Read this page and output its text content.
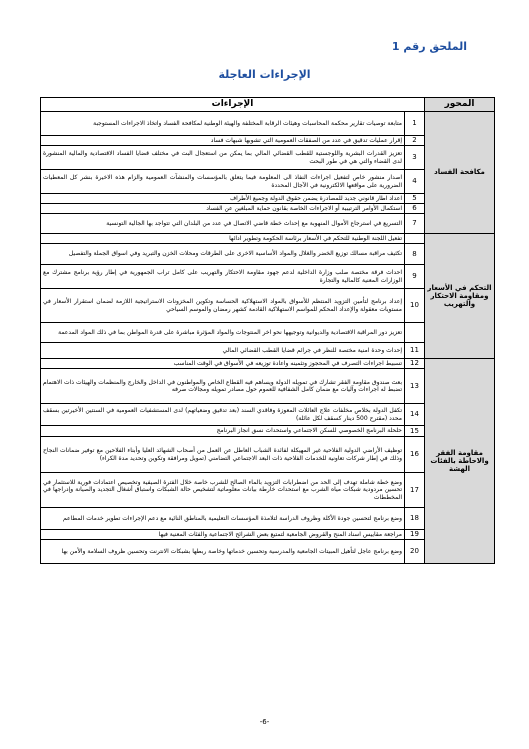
الملحق رقم 1
الإجراءات العاجلة
المحور	الإجراءات	
مكافحة الفساد	1	متابعة توصيات تقارير محكمة المحاسبات وهيئات الرقابة المختلفة والهيئة الوطنية لمكافحة الفساد واتخاذ الاجراءات المستوجبة
	2	إقرار عمليات تدقيق في عدد من الصفقات العمومية التي تشوبها شبهات فساد
	3	تعزيز القدرات البشرية واللوجستية للقطب القضائي المالي بما يمكن من استعجال البت في مختلف قضايا الفساد الاقتصادية والمالية المنشورة لدى القضاء والتي هي في طور البحث
	4	اصدار منشور خاص لتفعيل اجراءات النفاذ الى المعلومة فيما يتعلق بالمؤسسات والمنشآت العمومية والزام هذه الاخيرة بنشر كل المعطيات الضرورية على مواقعها الالكترونية في الآجال المحددة
	5	اعداد اطار قانوني جديد للمصادرة يضمن حقوق الدولة وجميع الأطراف
	6	استكمال الأوامر الترتيبية أو الاجراءات الخاصة بقانون حماية المبلغين عن الفساد
	7	التسريع في استرجاع الأموال المنهوبة مع إحداث خطة قاضي الاتصال في عدد من البلدان التي تتواجد بها الجالية التونسية
التحكم في الأسعار ومقاومة الاحتكار والتهريب		تفعيل اللجنة الوطنية للتحكم في الأسعار برئاسة الحكومة وتطوير ادائها
	8	تكثيف مراقبة مسالك توزيع الخضر والغلال والمواد الأساسية الاخرى على الطرقات ومحلات الخزن والتبريد وفي اسواق الجملة والتفصيل
	9	احداث فرقة مختصة صلب وزارة الداخلية لدعم جهود مقاومة الاحتكار والتهريب على كامل تراب الجمهورية في إطار رؤية برنامج مشترك مع الوزارات المعنية كالمالية والتجارة
	10	إعداد برنامج لتأمين التزويد المنتظم للأسواق بالمواد الاستهلاكية الحساسة وتكوين المخزونات الاستراتيجية اللازمة لضمان استقرار الأسعار في مستويات معقولة والإعداد المحكم للمواسم الاستهلاكية القادمة كشهر رمضان والموسم السياحي
		تعزيز دور المراقبة الاقتصادية والديوانية وتوجيهها نحو اخر المنتوجات والمواد المؤثرة مباشرة على قدرة المواطن بما في ذلك المواد المدعمة
	11	إحداث وحدة امنية مختصة للنظر في جرائم قضايا القطب القضائي المالي
مقاومة الفقر والاحاطة بالفئات الهشة	12	تسبيط اجراءات التصرف في المحجوز وتثمينه واعادة توزيعه في الأسواق في الوقت المناسب
	13	بعث صندوق مقاومة الفقر تشارك في تمويله الدولة ويساهم فيه القطاع الخاص والمواطنون في الداخل والخارج والمنظمات والهيئات ذات الاهتمام تضبط له اجراءات وآليات مع ضمان كامل الشفافية للعموم حول مصادر تمويله ومجالات صرفه
	14	تكفل الدولة بخلاص مخلفات علاج العائلات المعوزة وفاقدي السند (بعد تدقيق وضعياتهم) لدى المستشفيات العمومية في السنتين الأخيرتين بسقف محدد (مقترح 500 دينار كسقف لكل عائلة)
	15	حلحلة البرنامج الخصوصي للسكن الاجتماعي واستحداث نسق انجاز البرنامج
	16	توظيف الأراضي الدولية الفلاحية غير المهيكلة لفائدة الشباب العاطل عن العمل من أصحاب الشهائد العليا وأبناء الفلاحين مع توفير ضمانات النجاح وذلك في إطار شركات تعاونية للخدمات الفلاحية ذات البعد الاجتماعي التضامني (تمويل ومرافقة وتكوين وتحديد مدة الكراء)
	17	وضع خطة شاملة تهدف إلى الحد من اضطرابات التزويد بالماء الصالح للشرب خاصة خلال الفترة الصيفية وتخصيص اعتمادات فورية للاستثمار في تحسين مردودية شبكات مياه الشرب مع استحداث خارطة بيانات معلوماتية لتشخيص حالة الشبكات واستباق أشغال التجديد والصيانة وإدراجها في المخططات
	18	وضع برنامج لتحسين جودة الأكلة وظروف الدراسة لتلامذة المؤسسات التعليمية بالمناطق النائية مع دعم الإجراءات تطوير خدمات المطاعم
	19	مراجعة مقاييس اسناد المنح والقروض الجامعية لتمتيع بعض الشرائح الاجتماعية والفئات المعنية فيها
	20	وضع برنامج عاجل لتأهيل المبيتات الجامعية والمدرسية وتحسين خدماتها وخاصة ربطها بشبكات الانترنت وتحسين ظروف السلامة والأمن بها
-6-
